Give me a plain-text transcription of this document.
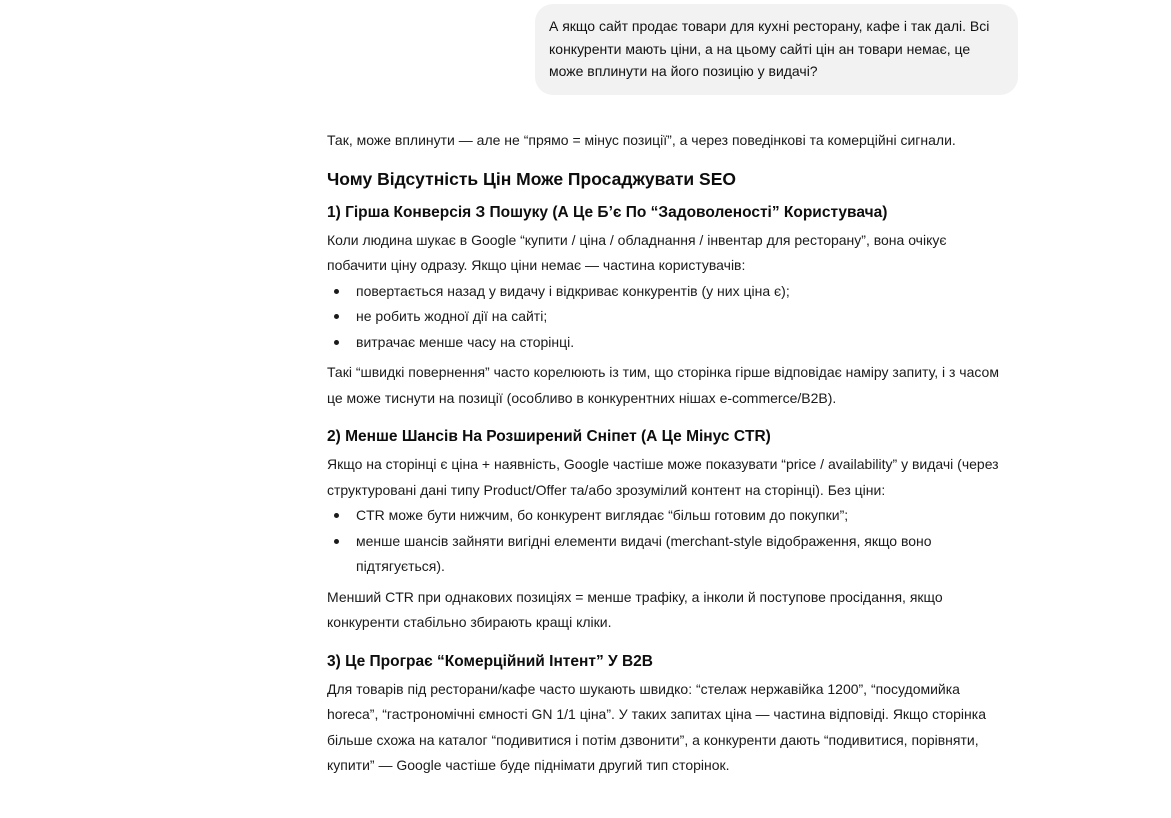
А якщо сайт продає товари для кухні ресторану, кафе і так далі. Всі конкуренти мають ціни, а на цьому сайті цін ан товари немає, це може вплинути на його позицію у видачі?

Так, може вплинути — але не “прямо = мінус позиції”, а через поведінкові та комерційні сигнали.

Чому Відсутність Цін Може Просаджувати SEO
1) Гірша Конверсія З Пошуку (А Це Б’є По “Задоволеності” Користувача)

Коли людина шукає в Google “купити / ціна / обладнання / інвентар для ресторану”, вона очікує побачити ціну одразу. Якщо ціни немає — частина користувачів:

повертається назад у видачу і відкриває конкурентів (у них ціна є);
не робить жодної дії на сайті;
витрачає менше часу на сторінці.

Такі “швидкі повернення” часто корелюють із тим, що сторінка гірше відповідає наміру запиту, і з часом це може тиснути на позиції (особливо в конкурентних нішах e-commerce/B2B).

2) Менше Шансів На Розширений Сніпет (А Це Мінус CTR)

Якщо на сторінці є ціна + наявність, Google частіше може показувати “price / availability” у видачі (через структуровані дані типу Product/Offer та/або зрозумілий контент на сторінці). Без ціни:

CTR може бути нижчим, бо конкурент виглядає “більш готовим до покупки”;
менше шансів зайняти вигідні елементи видачі (merchant-style відображення, якщо воно підтягується).

Менший CTR при однакових позиціях = менше трафіку, а інколи й поступове просідання, якщо конкуренти стабільно збирають кращі кліки.

3) Це Програє “Комерційний Інтент” У B2B

Для товарів під ресторани/кафе часто шукають швидко: “стелаж нержавійка 1200”, “посудомийка horeca”, “гастрономічні ємності GN 1/1 ціна”. У таких запитах ціна — частина відповіді. Якщо сторінка більше схожа на каталог “подивитися і потім дзвонити”, а конкуренти дають “подивитися, порівняти, купити” — Google частіше буде піднімати другий тип сторінок.
